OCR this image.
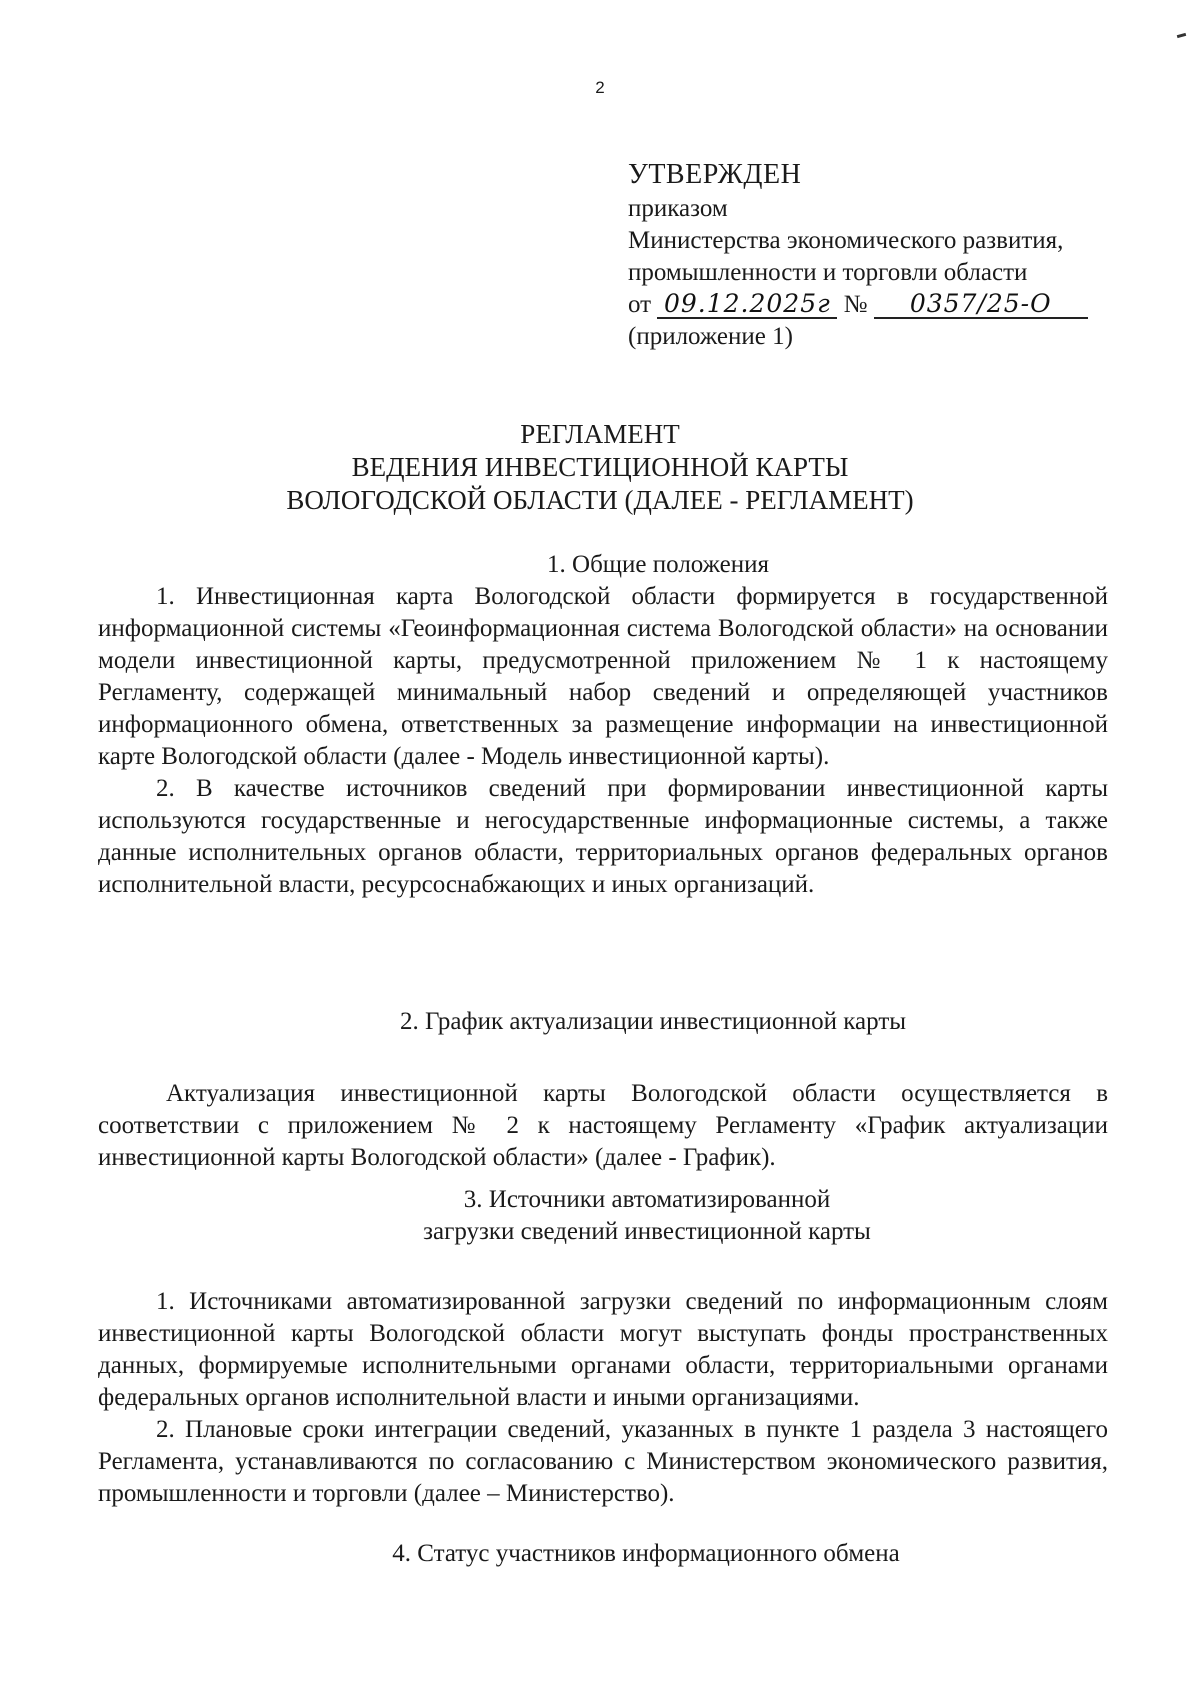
2
УТВЕРЖДЕН
приказом
Министерства экономического развития,
промышленности и торговли области
от 09.12.2025г № 0357/25-О
(приложение 1)
РЕГЛАМЕНТ
ВЕДЕНИЯ ИНВЕСТИЦИОННОЙ КАРТЫ
ВОЛОГОДСКОЙ ОБЛАСТИ (ДАЛЕЕ - РЕГЛАМЕНТ)
1. Общие положения

1. Инвестиционная карта Вологодской области формируется в государственной информационной системы «Геоинформационная система Вологодской области» на основании модели инвестиционной карты, предусмотренной приложением № 1 к настоящему Регламенту, содержащей минимальный набор сведений и определяющей участников информационного обмена, ответственных за размещение информации на инвестиционной карте Вологодской области (далее - Модель инвестиционной карты).

2. В качестве источников сведений при формировании инвестиционной карты используются государственные и негосударственные информационные системы, а также данные исполнительных органов области, территориальных органов федеральных органов исполнительной власти, ресурсоснабжающих и иных организаций.

2. График актуализации инвестиционной карты

Актуализация инвестиционной карты Вологодской области осуществляется в соответствии с приложением № 2 к настоящему Регламенту «График актуализации инвестиционной карты Вологодской области» (далее - График).

3. Источники автоматизированной
загрузки сведений инвестиционной карты

1. Источниками автоматизированной загрузки сведений по информационным слоям инвестиционной карты Вологодской области могут выступать фонды пространственных данных, формируемые исполнительными органами области, территориальными органами федеральных органов исполнительной власти и иными организациями.

2. Плановые сроки интеграции сведений, указанных в пункте 1 раздела 3 настоящего Регламента, устанавливаются по согласованию с Министерством экономического развития, промышленности и торговли (далее – Министерство).

4. Статус участников информационного обмена
